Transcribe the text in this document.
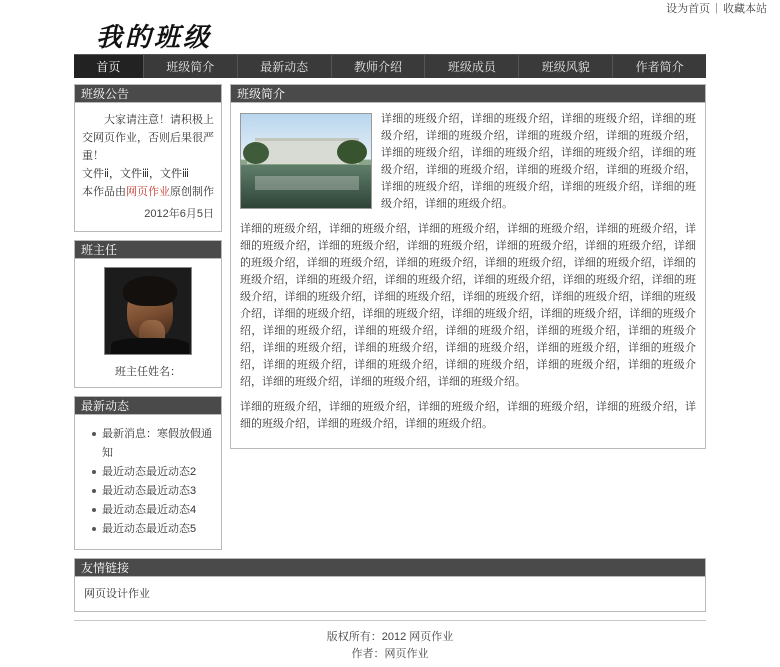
设为首页 | 收藏本站
我的班级
首页	班级简介	最新动态	教师介绍	班级成员	班级风貌	作者简介
班级公告

大家请注意！请积极上交网页作业，否则后果很严重！

文件ⅱ，文件ⅲ，文件ⅲ

本作品由网页作业原创制作

2012年6月5日

班主任
班主任姓名：
最新动态
最新消息：寒假放假通知
最近动态最近动态2
最近动态最近动态3
最近动态最近动态4
最近动态最近动态5
班级简介

详细的班级介绍，详细的班级介绍，详细的班级介绍，详细的班级介绍，详细的班级介绍，详细的班级介绍，详细的班级介绍，详细的班级介绍，详细的班级介绍，详细的班级介绍，详细的班级介绍，详细的班级介绍，详细的班级介绍，详细的班级介绍，详细的班级介绍，详细的班级介绍，详细的班级介绍，详细的班级介绍，详细的班级介绍。

详细的班级介绍，详细的班级介绍，详细的班级介绍，详细的班级介绍，详细的班级介绍，详细的班级介绍，详细的班级介绍，详细的班级介绍，详细的班级介绍，详细的班级介绍，详细的班级介绍，详细的班级介绍，详细的班级介绍，详细的班级介绍，详细的班级介绍，详细的班级介绍，详细的班级介绍，详细的班级介绍，详细的班级介绍，详细的班级介绍，详细的班级介绍，详细的班级介绍，详细的班级介绍，详细的班级介绍，详细的班级介绍，详细的班级介绍，详细的班级介绍，详细的班级介绍，详细的班级介绍，详细的班级介绍，详细的班级介绍，详细的班级介绍，详细的班级介绍，详细的班级介绍，详细的班级介绍，详细的班级介绍，详细的班级介绍，详细的班级介绍，详细的班级介绍，详细的班级介绍，详细的班级介绍，详细的班级介绍，详细的班级介绍，详细的班级介绍，详细的班级介绍，详细的班级介绍，详细的班级介绍，详细的班级介绍，详细的班级介绍。

详细的班级介绍，详细的班级介绍，详细的班级介绍，详细的班级介绍，详细的班级介绍，详细的班级介绍，详细的班级介绍，详细的班级介绍。

友情链接
网页设计作业
版权所有：2012 网页作业
作者：网页作业
